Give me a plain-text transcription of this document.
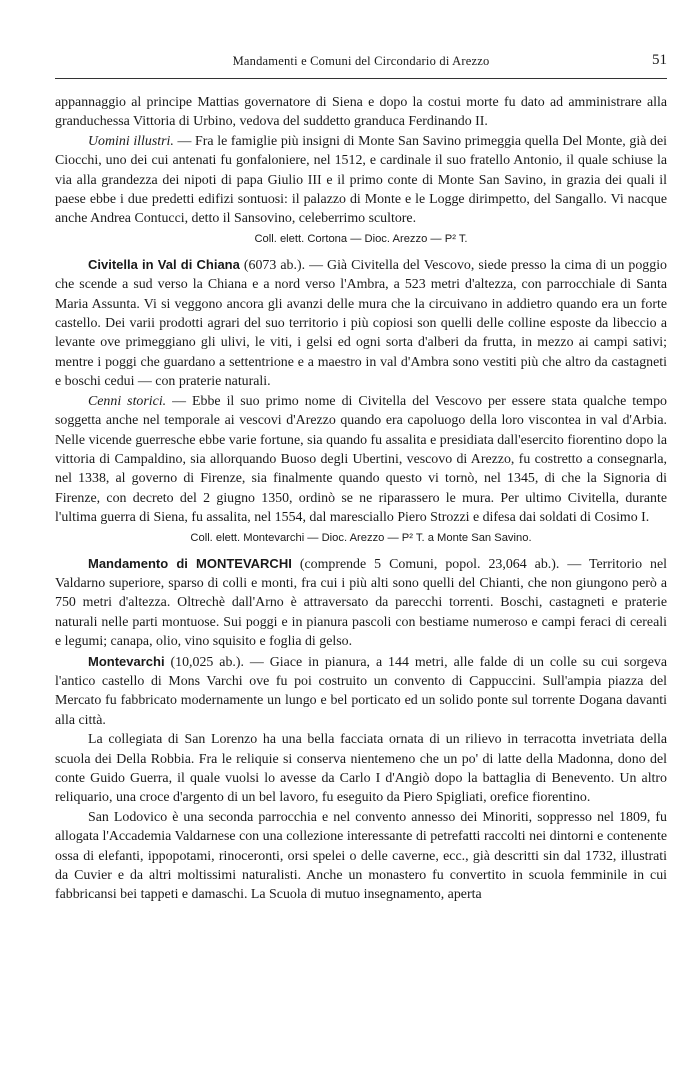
Mandamenti e Comuni del Circondario di Arezzo	51

appannaggio al principe Mattias governatore di Siena e dopo la costui morte fu dato ad amministrare alla granduchessa Vittoria di Urbino, vedova del suddetto granduca Ferdinando II.

Uomini illustri. — Fra le famiglie più insigni di Monte San Savino primeggia quella Del Monte, già dei Ciocchi, uno dei cui antenati fu gonfaloniere, nel 1512, e cardinale il suo fratello Antonio, il quale schiuse la via alla grandezza dei nipoti di papa Giulio III e il primo conte di Monte San Savino, in grazia dei quali il paese ebbe i due predetti edifizi sontuosi: il palazzo di Monte e le Logge dirimpetto, del Sangallo. Vi nacque anche Andrea Contucci, detto il Sansovino, celeberrimo scultore.

Coll. elett. Cortona — Dioc. Arezzo — P² T.

Civitella in Val di Chiana (6073 ab.). — Già Civitella del Vescovo, siede presso la cima di un poggio che scende a sud verso la Chiana e a nord verso l'Ambra, a 523 metri d'altezza, con parrocchiale di Santa Maria Assunta. Vi si veggono ancora gli avanzi delle mura che la circuivano in addietro quando era un forte castello. Dei varii prodotti agrari del suo territorio i più copiosi son quelli delle colline esposte da libeccio a levante ove primeggiano gli ulivi, le viti, i gelsi ed ogni sorta d'alberi da frutta, in mezzo ai campi sativi; mentre i poggi che guardano a settentrione e a maestro in val d'Ambra sono vestiti più che altro da castagneti e boschi cedui — con praterie naturali.

Cenni storici. — Ebbe il suo primo nome di Civitella del Vescovo per essere stata qualche tempo soggetta anche nel temporale ai vescovi d'Arezzo quando era capoluogo della loro viscontea in val d'Arbia. Nelle vicende guerresche ebbe varie fortune, sia quando fu assalita e presidiata dall'esercito fiorentino dopo la vittoria di Campaldino, sia allorquando Buoso degli Ubertini, vescovo di Arezzo, fu costretto a consegnarla, nel 1338, al governo di Firenze, sia finalmente quando questo vi tornò, nel 1345, di che la Signoria di Firenze, con decreto del 2 giugno 1350, ordinò se ne riparassero le mura. Per ultimo Civitella, durante l'ultima guerra di Siena, fu assalita, nel 1554, dal maresciallo Piero Strozzi e difesa dai soldati di Cosimo I.

Coll. elett. Montevarchi — Dioc. Arezzo — P² T. a Monte San Savino.

Mandamento di MONTEVARCHI (comprende 5 Comuni, popol. 23,064 ab.). — Territorio nel Valdarno superiore, sparso di colli e monti, fra cui i più alti sono quelli del Chianti, che non giungono però a 750 metri d'altezza. Oltrechè dall'Arno è attraversato da parecchi torrenti. Boschi, castagneti e praterie naturali nelle parti montuose. Sui poggi e in pianura pascoli con bestiame numeroso e campi feraci di cereali e legumi; canapa, olio, vino squisito e foglia di gelso.

Montevarchi (10,025 ab.). — Giace in pianura, a 144 metri, alle falde di un colle su cui sorgeva l'antico castello di Mons Varchi ove fu poi costruito un convento di Cappuccini. Sull'ampia piazza del Mercato fu fabbricato modernamente un lungo e bel porticato ed un solido ponte sul torrente Dogana davanti alla città.

La collegiata di San Lorenzo ha una bella facciata ornata di un rilievo in terracotta invetriata della scuola dei Della Robbia. Fra le reliquie si conserva nientemeno che un po' di latte della Madonna, dono del conte Guido Guerra, il quale vuolsi lo avesse da Carlo I d'Angiò dopo la battaglia di Benevento. Un altro reliquario, una croce d'argento di un bel lavoro, fu eseguito da Piero Spigliati, orefice fiorentino.

San Lodovico è una seconda parrocchia e nel convento annesso dei Minoriti, soppresso nel 1809, fu allogata l'Accademia Valdarnese con una collezione interessante di petrefatti raccolti nei dintorni e contenente ossa di elefanti, ippopotami, rinoceronti, orsi spelei o delle caverne, ecc., già descritti sin dal 1732, illustrati da Cuvier e da altri moltissimi naturalisti. Anche un monastero fu convertito in scuola femminile in cui fabbricansi bei tappeti e damaschi. La Scuola di mutuo insegnamento, aperta
